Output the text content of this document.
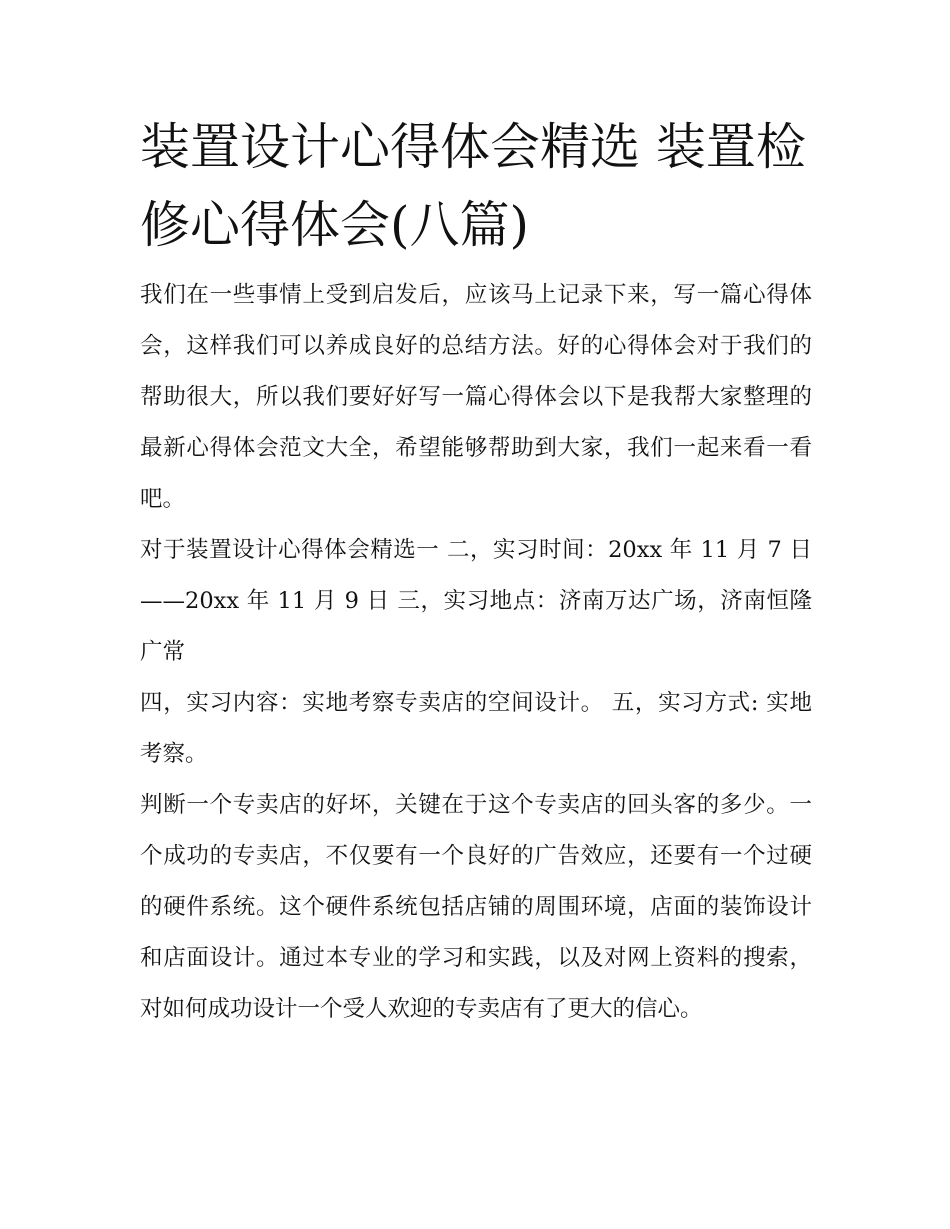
装置设计心得体会精选 装置检修心得体会(八篇)

我们在一些事情上受到启发后，应该马上记录下来，写一篇心得体会，这样我们可以养成良好的总结方法。好的心得体会对于我们的帮助很大，所以我们要好好写一篇心得体会以下是我帮大家整理的最新心得体会范文大全，希望能够帮助到大家，我们一起来看一看吧。

对于装置设计心得体会精选一 二，实习时间：20xx 年 11 月 7 日——20xx 年 11 月 9 日 三，实习地点：济南万达广场，济南恒隆广常

四，实习内容：实地考察专卖店的空间设计。 五，实习方式: 实地考察。

判断一个专卖店的好坏，关键在于这个专卖店的回头客的多少。一个成功的专卖店，不仅要有一个良好的广告效应，还要有一个过硬的硬件系统。这个硬件系统包括店铺的周围环境，店面的装饰设计和店面设计。通过本专业的学习和实践，以及对网上资料的搜索，对如何成功设计一个受人欢迎的专卖店有了更大的信心。
